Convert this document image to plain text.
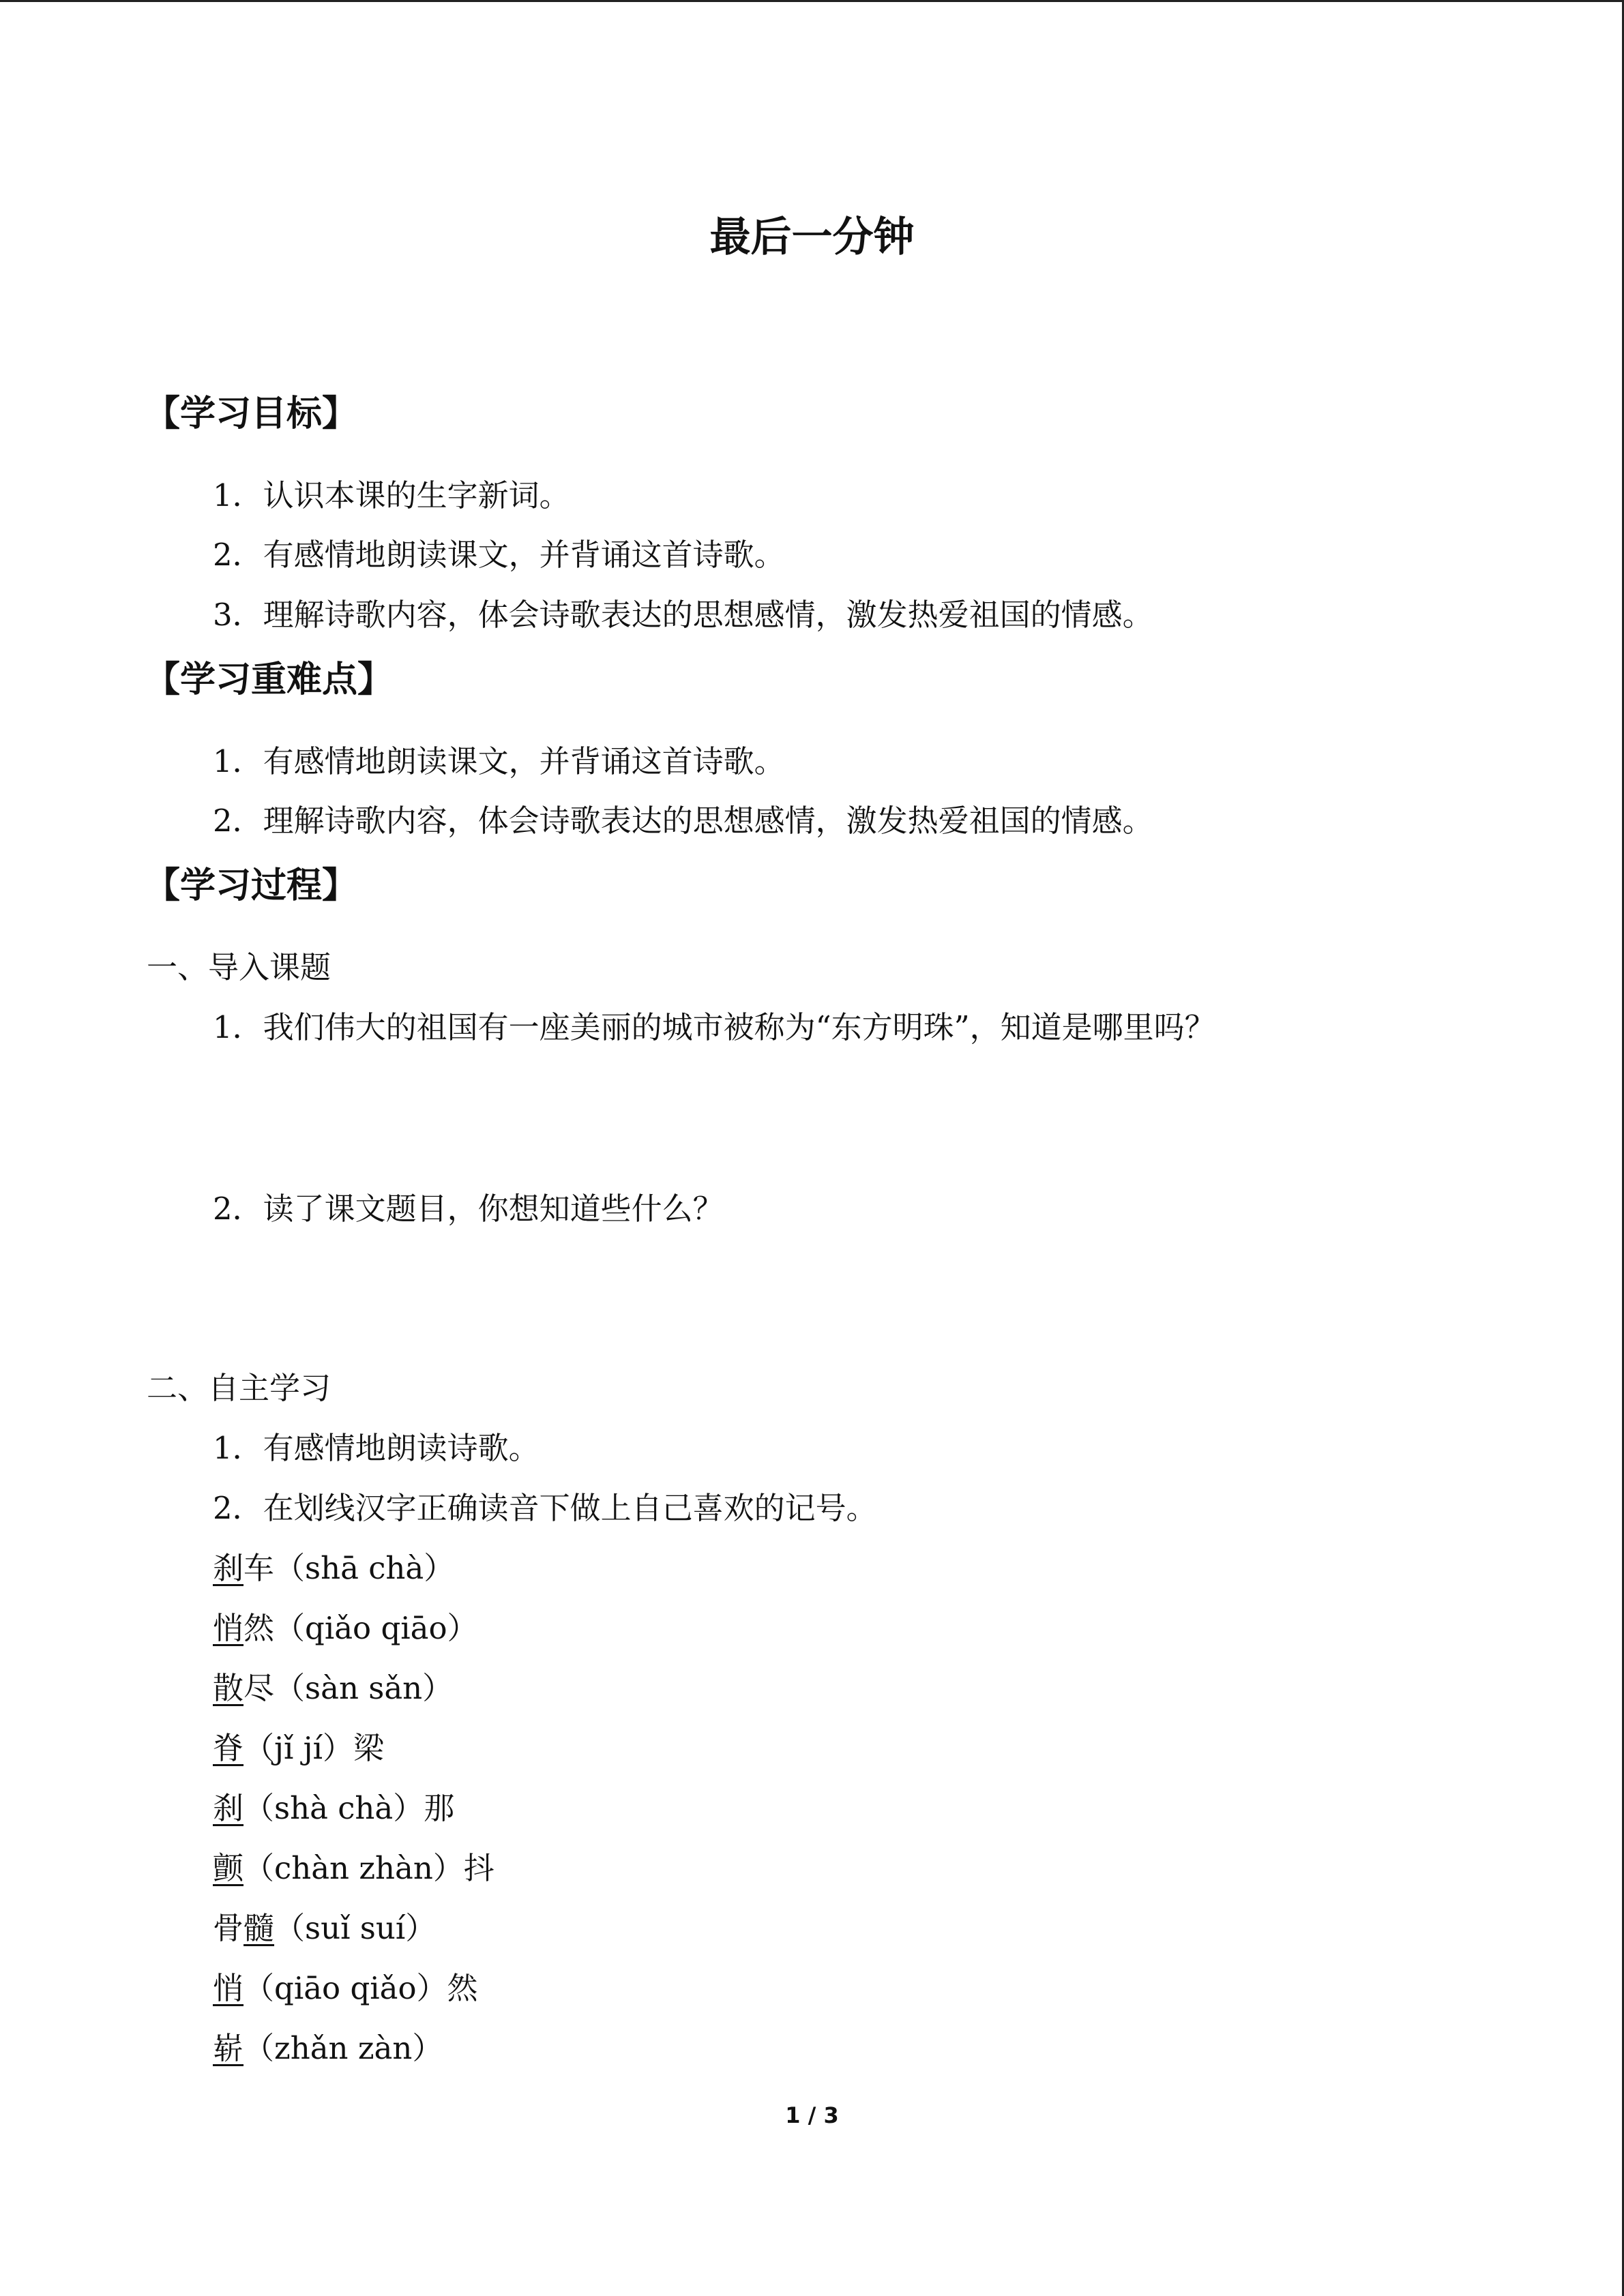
最后一分钟
【学习目标】
1．认识本课的生字新词。
2．有感情地朗读课文，并背诵这首诗歌。
3．理解诗歌内容，体会诗歌表达的思想感情，激发热爱祖国的情感。
【学习重难点】
1．有感情地朗读课文，并背诵这首诗歌。
2．理解诗歌内容，体会诗歌表达的思想感情，激发热爱祖国的情感。
【学习过程】
一、导入课题
1．我们伟大的祖国有一座美丽的城市被称为“东方明珠”，知道是哪里吗？
2．读了课文题目，你想知道些什么？
二、自主学习
1．有感情地朗读诗歌。
2．在划线汉字正确读音下做上自己喜欢的记号。
刹车（shā chà）
悄然（qiǎo qiāo）
散尽（sàn sǎn）
脊（jǐ jí）梁
刹（shà chà）那
颤（chàn zhàn）抖
骨髓（suǐ suí）
悄（qiāo qiǎo）然
崭（zhǎn zàn）
1 / 3
